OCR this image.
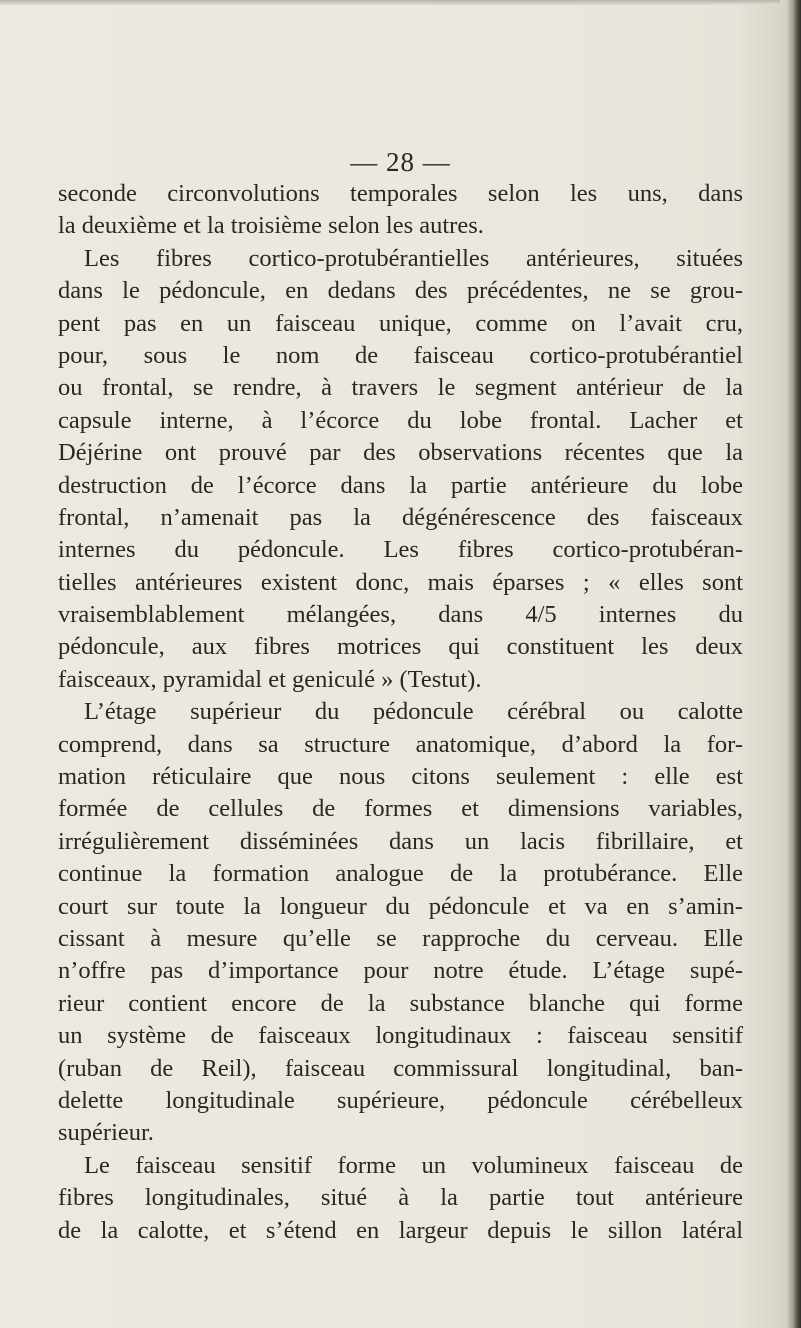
— 28 —
seconde circonvolutions temporales selon les uns, dans
la deuxième et la troisième selon les autres.
Les fibres cortico-protubérantielles antérieures, situées
dans le pédoncule, en dedans des précédentes, ne se grou-
pent pas en un faisceau unique, comme on l’avait cru,
pour, sous le nom de faisceau cortico-protubérantiel
ou frontal, se rendre, à travers le segment antérieur de la
capsule interne, à l’écorce du lobe frontal. Lacher et
Déjérine ont prouvé par des observations récentes que la
destruction de l’écorce dans la partie antérieure du lobe
frontal, n’amenait pas la dégénérescence des faisceaux
internes du pédoncule. Les fibres cortico-protubéran-
tielles antérieures existent donc, mais éparses ; « elles sont
vraisemblablement mélangées, dans 4/5 internes du
pédoncule, aux fibres motrices qui constituent les deux
faisceaux, pyramidal et geniculé » (Testut).
L’étage supérieur du pédoncule cérébral ou calotte
comprend, dans sa structure anatomique, d’abord la for-
mation réticulaire que nous citons seulement : elle est
formée de cellules de formes et dimensions variables,
irrégulièrement disséminées dans un lacis fibrillaire, et
continue la formation analogue de la protubérance. Elle
court sur toute la longueur du pédoncule et va en s’amin-
cissant à mesure qu’elle se rapproche du cerveau. Elle
n’offre pas d’importance pour notre étude. L’étage supé-
rieur contient encore de la substance blanche qui forme
un système de faisceaux longitudinaux : faisceau sensitif
(ruban de Reil), faisceau commissural longitudinal, ban-
delette longitudinale supérieure, pédoncule cérébelleux
supérieur.
Le faisceau sensitif forme un volumineux faisceau de
fibres longitudinales, situé à la partie tout antérieure
de la calotte, et s’étend en largeur depuis le sillon latéral
